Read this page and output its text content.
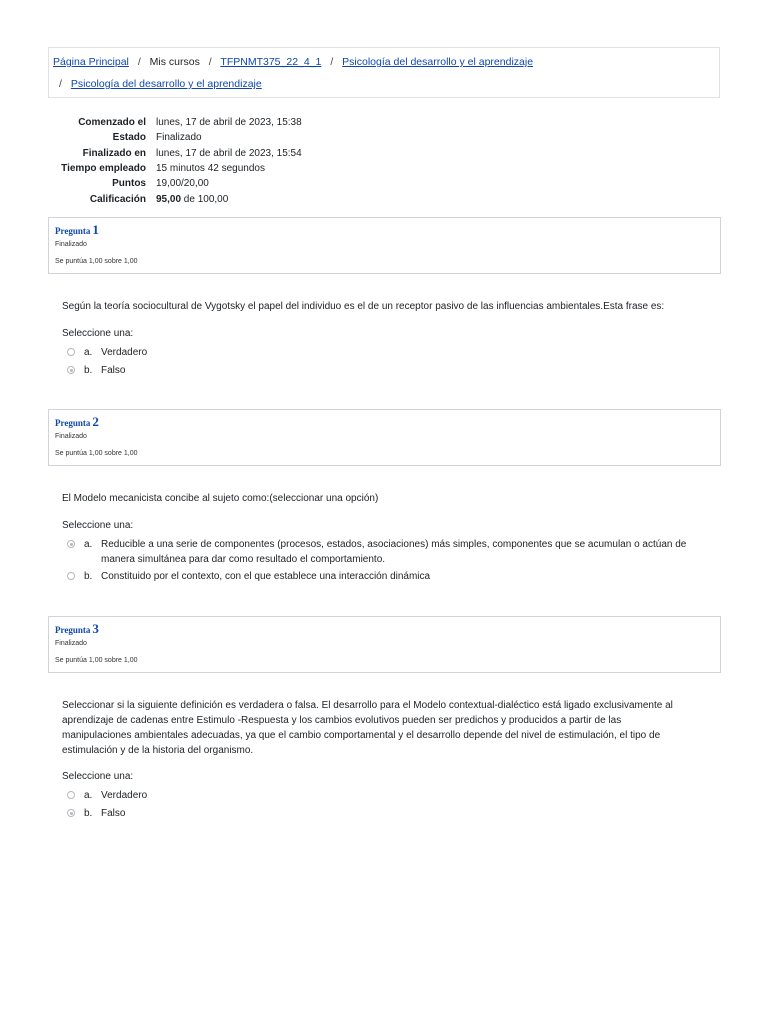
Página Principal / Mis cursos / TFPNMT375_22_4_1 / Psicología del desarrollo y el aprendizaje
/ Psicología del desarrollo y el aprendizaje
Comenzado el	lunes, 17 de abril de 2023, 15:38
Estado	Finalizado
Finalizado en	lunes, 17 de abril de 2023, 15:54
Tiempo empleado	15 minutos 42 segundos
Puntos	19,00/20,00
Calificación	95,00 de 100,00
Pregunta 1
Finalizado
Se puntúa 1,00 sobre 1,00
Según la teoría sociocultural de Vygotsky el papel del individuo es el de un receptor pasivo de las influencias ambientales.Esta frase es:
Seleccione una:
a. Verdadero
b. Falso
Pregunta 2
Finalizado
Se puntúa 1,00 sobre 1,00
El Modelo mecanicista concibe al sujeto como:(seleccionar una opción)
Seleccione una:
a. Reducible a una serie de componentes (procesos, estados, asociaciones) más simples, componentes que se acumulan o actúan de manera simultánea para dar como resultado el comportamiento.
b. Constituido por el contexto, con el que establece una interacción dinámica
Pregunta 3
Finalizado
Se puntúa 1,00 sobre 1,00
Seleccionar si la siguiente definición es verdadera o falsa. El desarrollo para el Modelo contextual-dialéctico está ligado exclusivamente al aprendizaje de cadenas entre Estimulo -Respuesta y los cambios evolutivos pueden ser predichos y producidos a partir de las manipulaciones ambientales adecuadas, ya que el cambio comportamental y el desarrollo depende del nivel de estimulación, el tipo de estimulación y de la historia del organismo.
Seleccione una:
a. Verdadero
b. Falso
